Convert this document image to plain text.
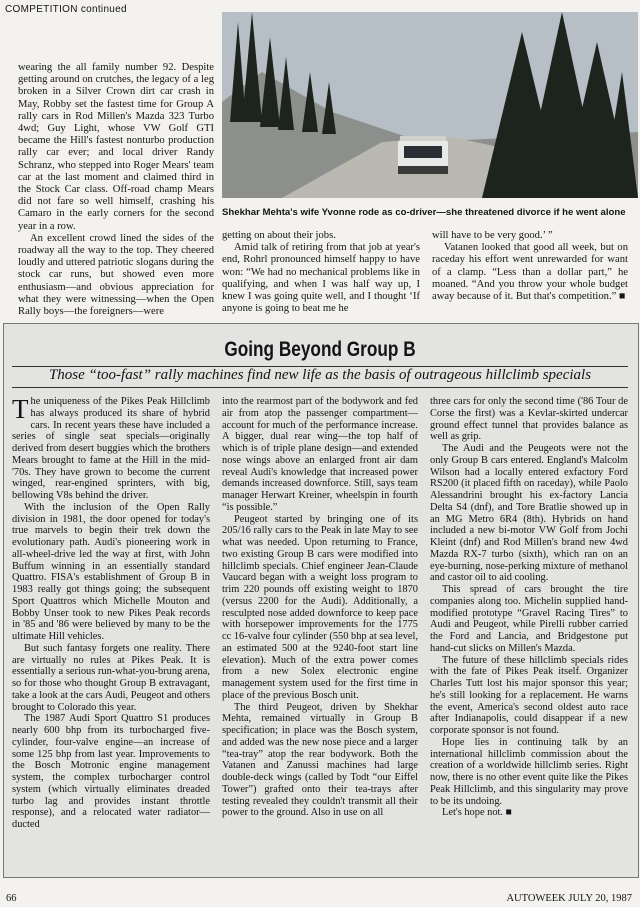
COMPETITION continued
Shekhar Mehta's wife Yvonne rode as co-driver—she threatened divorce if he went alone

wearing the all family number 92. Despite getting around on crutches, the legacy of a leg broken in a Silver Crown dirt car crash in May, Robby set the fastest time for Group A rally cars in Rod Millen's Mazda 323 Turbo 4wd; Guy Light, whose VW Golf GTI became the Hill's fastest nonturbo production rally car ever; and local driver Randy Schranz, who stepped into Roger Mears' team car at the last moment and claimed third in the Stock Car class. Off-road champ Mears did not fare so well himself, crashing his Camaro in the early corners for the second year in a row.

An excellent crowd lined the sides of the roadway all the way to the top. They cheered loudly and uttered patriotic slogans during the stock car runs, but showed even more enthusiasm—and obvious appreciation for what they were witnessing—when the Open Rally boys—the foreigners—were

getting on about their jobs.

Amid talk of retiring from that job at year's end, Rohrl pronounced himself happy to have won: “We had no mechanical problems like in qualifying, and when I was half way up, I knew I was going quite well, and I thought ‘If anyone is going to beat me he

will have to be very good.’ ”

Vatanen looked that good all week, but on raceday his effort went unrewarded for want of a clamp. “Less than a dollar part,” he moaned. “And you throw your whole budget away because of it. But that's competition.” ■

Going Beyond Group B
Those “too-fast” rally machines find new life as the basis of outrageous hillclimb specials

The uniqueness of the Pikes Peak Hillclimb has always produced its share of hybrid cars. In recent years these have included a series of single seat specials—originally derived from desert buggies which the brothers Mears brought to fame at the Hill in the mid-'70s. They have grown to become the current winged, rear-engined sprinters, with big, bellowing V8s behind the driver.

With the inclusion of the Open Rally division in 1981, the door opened for today's true marvels to begin their trek down the evolutionary path. Audi's pioneering work in all-wheel-drive led the way at first, with John Buffum winning in an essentially standard Quattro. FISA's establishment of Group B in 1983 really got things going; the subsequent Sport Quattros which Michelle Mouton and Bobby Unser took to new Pikes Peak records in '85 and '86 were believed by many to be the ultimate Hill vehicles.

But such fantasy forgets one reality. There are virtually no rules at Pikes Peak. It is essentially a serious run-what-you-brung arena, so for those who thought Group B extravagant, take a look at the cars Audi, Peugeot and others brought to Colorado this year.

The 1987 Audi Sport Quattro S1 produces nearly 600 bhp from its turbocharged five-cylinder, four-valve engine—an increase of some 125 bhp from last year. Improvements to the Bosch Motronic engine management system, the complex turbocharger control system (which virtually eliminates dreaded turbo lag and provides instant throttle response), and a relocated water radiator—ducted

into the rearmost part of the bodywork and fed air from atop the passenger compartment—account for much of the performance increase. A bigger, dual rear wing—the top half of which is of triple plane design—and extended nose wings above an enlarged front air dam reveal Audi's knowledge that increased power demands increased downforce. Still, says team manager Herwart Kreiner, wheelspin in fourth “is possible.”

Peugeot started by bringing one of its 205/16 rally cars to the Peak in late May to see what was needed. Upon returning to France, two existing Group B cars were modified into hillclimb specials. Chief engineer Jean-Claude Vaucard began with a weight loss program to trim 220 pounds off existing weight to 1870 (versus 2200 for the Audi). Additionally, a resculpted nose added downforce to keep pace with horsepower improvements for the 1775 cc 16-valve four cylinder (550 bhp at sea level, an estimated 500 at the 9240-foot start line elevation). Much of the extra power comes from a new Solex electronic engine management system used for the first time in place of the previous Bosch unit.

The third Peugeot, driven by Shekhar Mehta, remained virtually in Group B specification; in place was the Bosch system, and added was the new nose piece and a larger “tea-tray” atop the rear bodywork. Both the Vatanen and Zanussi machines had large double-deck wings (called by Todt “our Eiffel Tower”) grafted onto their tea-trays after testing revealed they couldn't transmit all their power to the ground. Also in use on all

three cars for only the second time ('86 Tour de Corse the first) was a Kevlar-skirted undercar ground effect tunnel that provides balance as well as grip.

The Audi and the Peugeots were not the only Group B cars entered. England's Malcolm Wilson had a locally entered exfactory Ford RS200 (it placed fifth on raceday), while Paolo Alessandrini brought his ex-factory Lancia Delta S4 (dnf), and Tore Bratlie showed up in an MG Metro 6R4 (8th). Hybrids on hand included a new bi-motor VW Golf from Jochi Kleint (dnf) and Rod Millen's brand new 4wd Mazda RX-7 turbo (sixth), which ran on an eye-burning, nose-perking mixture of methanol and castor oil to aid cooling.

This spread of cars brought the tire companies along too. Michelin supplied hand-modified prototype “Gravel Racing Tires” to Audi and Peugeot, while Pirelli rubber carried the Ford and Lancia, and Bridgestone put hand-cut slicks on Millen's Mazda.

The future of these hillclimb specials rides with the fate of Pikes Peak itself. Organizer Charles Tutt lost his major sponsor this year; he's still looking for a replacement. He warns the event, America's second oldest auto race after Indianapolis, could disappear if a new corporate sponsor is not found.

Hope lies in continuing talk by an international hillclimb commission about the creation of a worldwide hillclimb series. Right now, there is no other event quite like the Pikes Peak Hillclimb, and this singularity may prove to be its undoing.

Let's hope not. ■

66	AUTOWEEK JULY 20, 1987
